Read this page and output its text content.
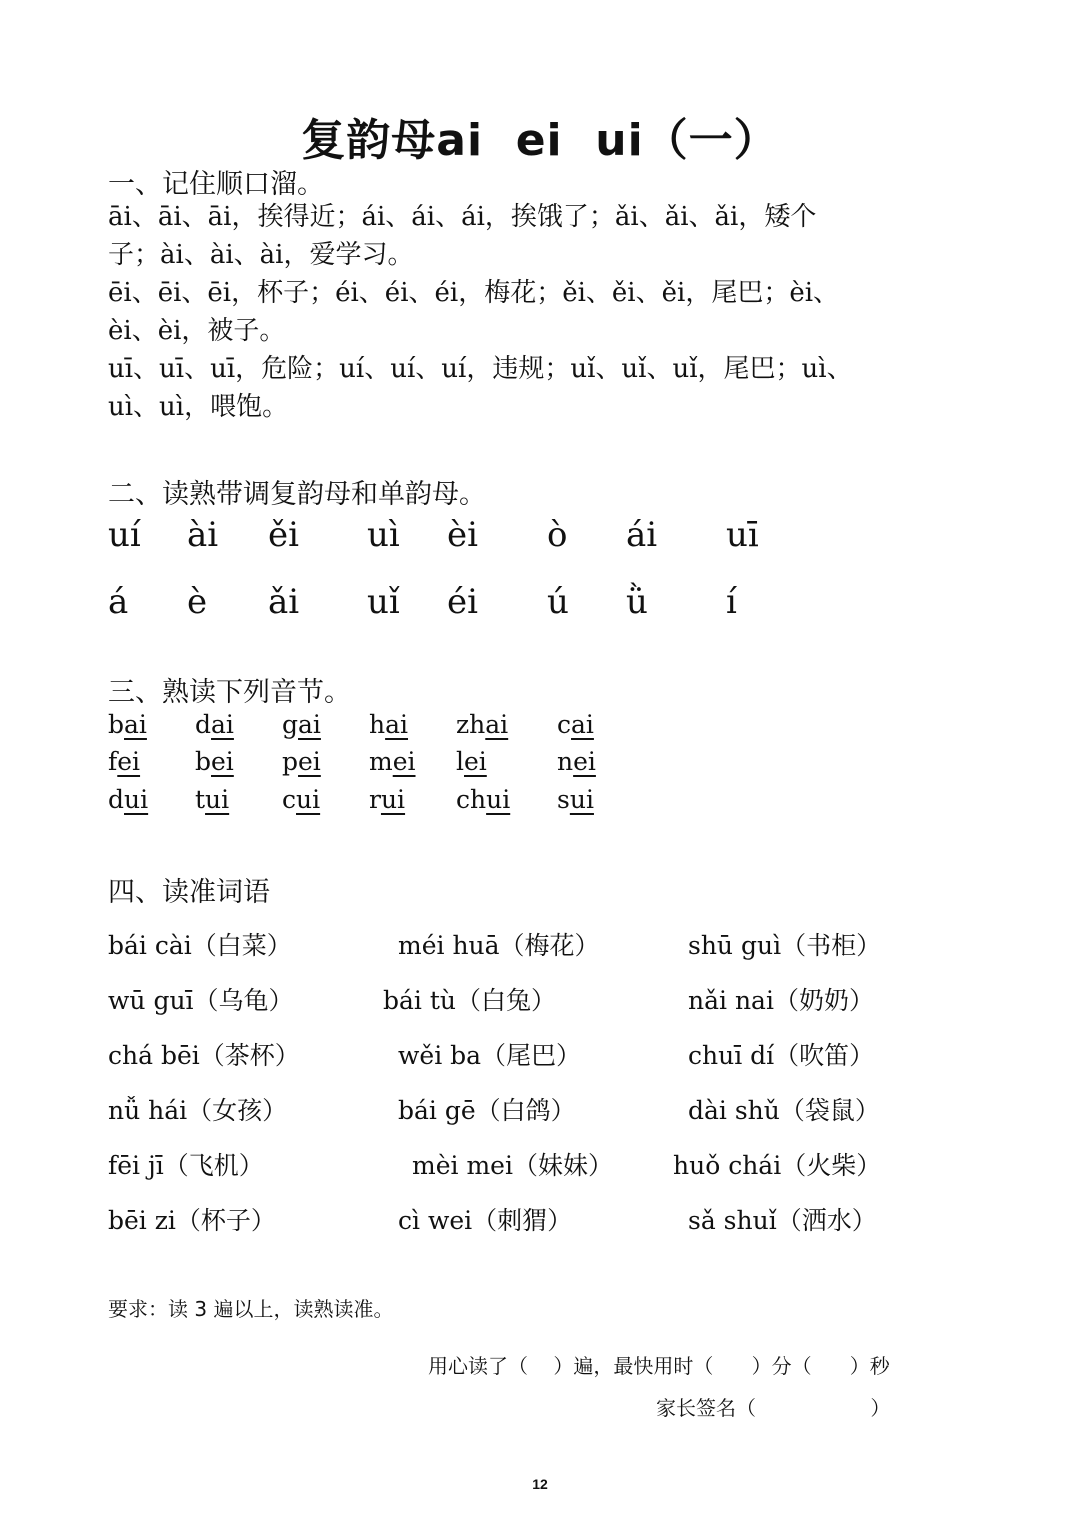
复韵母ai  ei  ui（一）
一、记住顺口溜。
āi、āi、āi，挨得近；ái、ái、ái，挨饿了；ǎi、ǎi、ǎi，矮个
子；ài、ài、ài，爱学习。
ēi、ēi、ēi，杯子；éi、éi、éi，梅花；ěi、ěi、ěi，尾巴；èi、
èi、èi，被子。
uī、uī、uī，危险；uí、uí、uí，违规；uǐ、uǐ、uǐ，尾巴；uì、
uì、uì，喂饱。
二、读熟带调复韵母和单韵母。
uí ài ěi uì èi ò ái uī
á è ǎi uǐ éi ú ǜ í
三、熟读下列音节。
bai dai gai hai zhai cai
fei bei pei mei lei	nei
dui tui cui rui chui sui
四、读准词语
bái cài（白菜）	méi huā（梅花）	shū guì（书柜）
wū guī（乌龟）	bái tù（白兔）	nǎi nai（奶奶）
chá bēi（茶杯）	wěi ba（尾巴）	chuī dí（吹笛）
nǚ hái（女孩）	bái gē（白鸽）	dài shǔ（袋鼠）
fēi jī（飞机）	mèi mei（妹妹） huǒ chái（火柴）
bēi zi（杯子）	cì wei（刺猬）	sǎ shuǐ（洒水）
要求：读 3 遍以上，读熟读准。
用心读了（    ）遍，最快用时（      ）分（      ）秒
家长签名（                  ）
12
